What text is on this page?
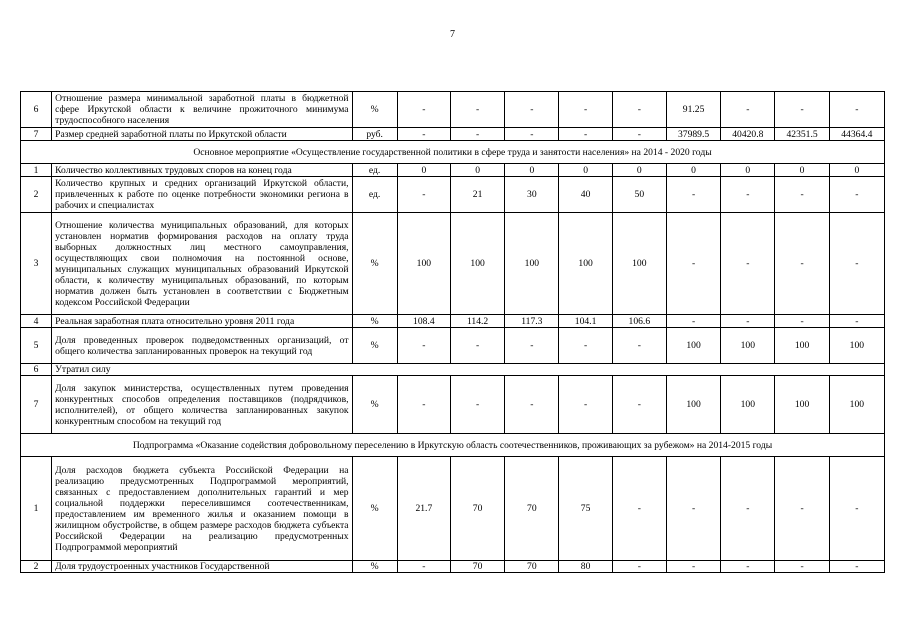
7
6	Отношение размера минимальной заработной платы в бюджетной сфере Иркутской области к величине прожиточного минимума трудоспособного населения	%	-	-	-	-	-	91.25	-	-	-
7	Размер средней заработной платы по Иркутской области	руб.	-	-	-	-	-	37989.5	40420.8	42351.5	44364.4
Основное мероприятие «Осуществление государственной политики в сфере труда и занятости населения» на 2014 - 2020 годы											
1	Количество коллективных трудовых споров на конец года	ед.	0	0	0	0	0	0	0	0	0
2	Количество крупных и средних организаций Иркутской области, привлеченных к работе по оценке потребности экономики региона в рабочих и специалистах	ед.	-	21	30	40	50	-	-	-	-
3	Отношение количества муниципальных образований, для которых установлен норматив формирования расходов на оплату труда выборных должностных лиц местного самоуправления, осуществляющих свои полномочия на постоянной основе, муниципальных служащих муниципальных образований Иркутской области, к количеству муниципальных образований, по которым норматив должен быть установлен в соответствии с Бюджетным кодексом Российской Федерации	%	100	100	100	100	100	-	-	-	-
4	Реальная заработная плата относительно уровня 2011 года	%	108.4	114.2	117.3	104.1	106.6	-	-	-	-
5	Доля проведенных проверок подведомственных организаций, от общего количества запланированных проверок на текущий год	%	-	-	-	-	-	100	100	100	100
6	Утратил силу										
7	Доля закупок министерства, осуществленных путем проведения конкурентных способов определения поставщиков (подрядчиков, исполнителей), от общего количества запланированных закупок конкурентным способом на текущий год	%	-	-	-	-	-	100	100	100	100
Подпрограмма «Оказание содействия добровольному переселению в Иркутскую область соотечественников, проживающих за рубежом» на 2014-2015 годы											
1	Доля расходов бюджета субъекта Российской Федерации на реализацию предусмотренных Подпрограммой мероприятий, связанных с предоставлением дополнительных гарантий и мер социальной поддержки переселившимся соотечественникам, предоставлением им временного жилья и оказанием помощи в жилищном обустройстве, в общем размере расходов бюджета субъекта Российской Федерации на реализацию предусмотренных Подпрограммой мероприятий	%	21.7	70	70	75	-	-	-	-	-
2	Доля трудоустроенных участников Государственной	%	-	70	70	80	-	-	-	-	-
